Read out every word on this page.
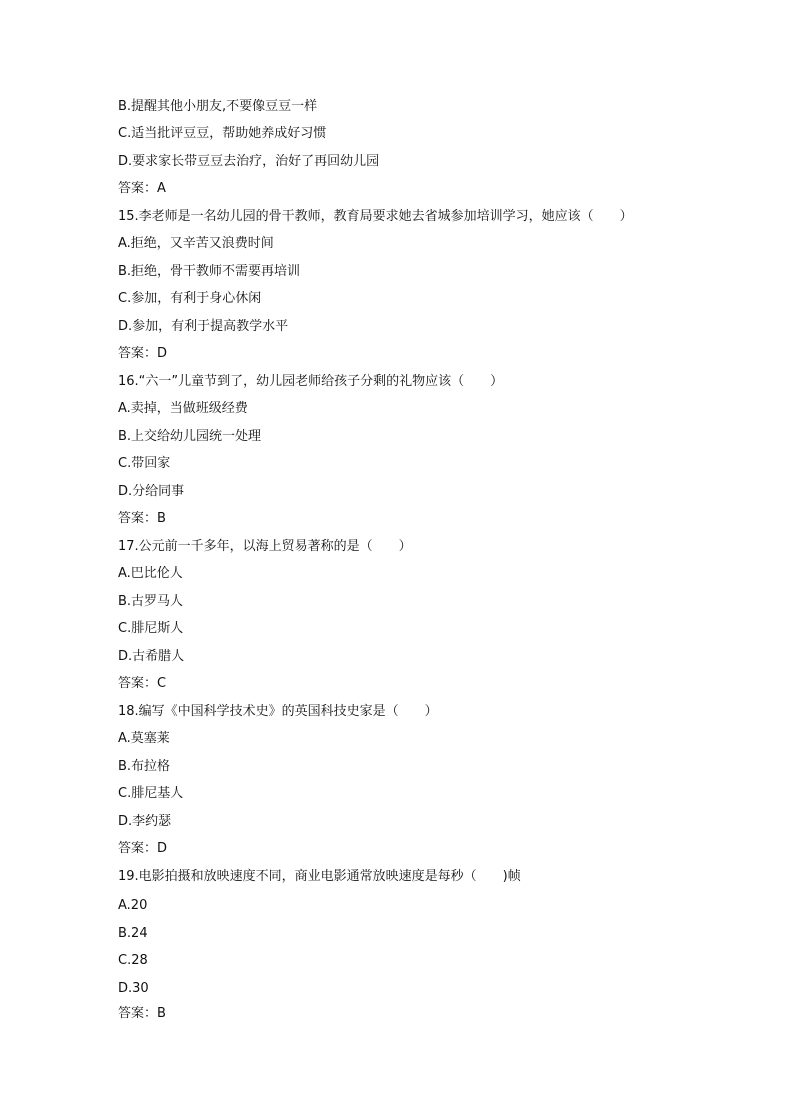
B.提醒其他小朋友,不要像豆豆一样
C.适当批评豆豆，帮助她养成好习惯
D.要求家长带豆豆去治疗，治好了再回幼儿园
答案：A
15.李老师是一名幼儿园的骨干教师，教育局要求她去省城参加培训学习，她应该（　　）
A.拒绝，又辛苦又浪费时间
B.拒绝，骨干教师不需要再培训
C.参加，有利于身心休闲
D.参加，有利于提高教学水平
答案：D
16.“六一”儿童节到了，幼儿园老师给孩子分剩的礼物应该（　　）
A.卖掉，当做班级经费
B.上交给幼儿园统一处理
C.带回家
D.分给同事
答案：B
17.公元前一千多年，以海上贸易著称的是（　　）
A.巴比伦人
B.古罗马人
C.腓尼斯人
D.古希腊人
答案：C
18.编写《中国科学技术史》的英国科技史家是（　　）
A.莫塞莱
B.布拉格
C.腓尼基人
D.李约瑟
答案：D
19.电影拍摄和放映速度不同，商业电影通常放映速度是每秒（　　)帧
A.20
B.24
C.28
D.30
答案：B
